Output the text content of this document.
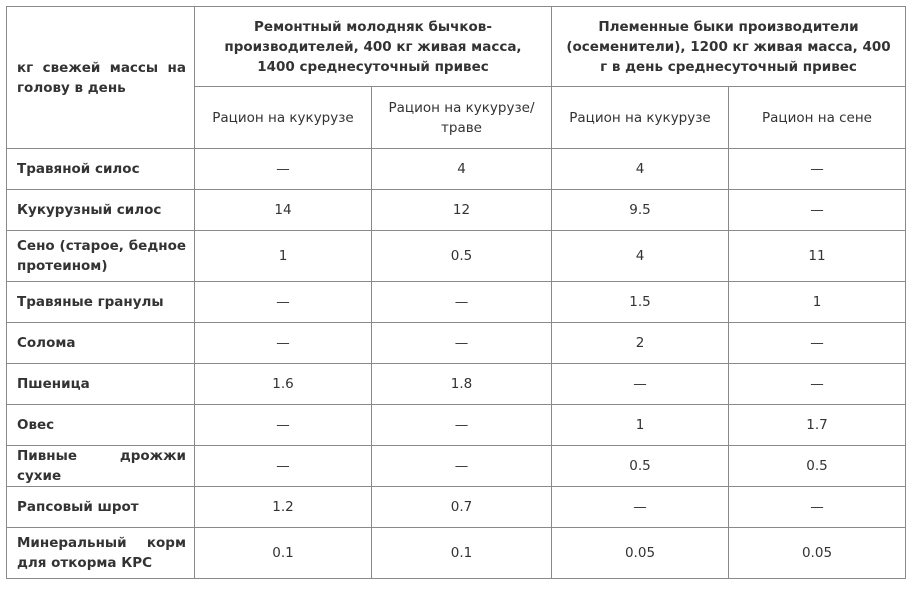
кг свежей массы на голову в день	Ремонтный молодняк бычков-производителей, 400 кг живая масса, 1400 среднесуточный привес		Племенные быки производители (осеменители), 1200 кг живая масса, 400 г в день среднесуточный привес	
	Рацион на кукурузе	Рацион на кукурузе/траве	Рацион на кукурузе	Рацион на сене
Травяной силос	—	4	4	—
Кукурузный силос	14	12	9.5	—
Сено (старое, бедное протеином)	1	0.5	4	11
Травяные гранулы	—	—	1.5	1
Солома	—	—	2	—
Пшеница	1.6	1.8	—	—
Овес	—	—	1	1.7
Пивные дрожжи сухие	—	—	0.5	0.5
Рапсовый шрот	1.2	0.7	—	—
Минеральный корм для откорма КРС	0.1	0.1	0.05	0.05
